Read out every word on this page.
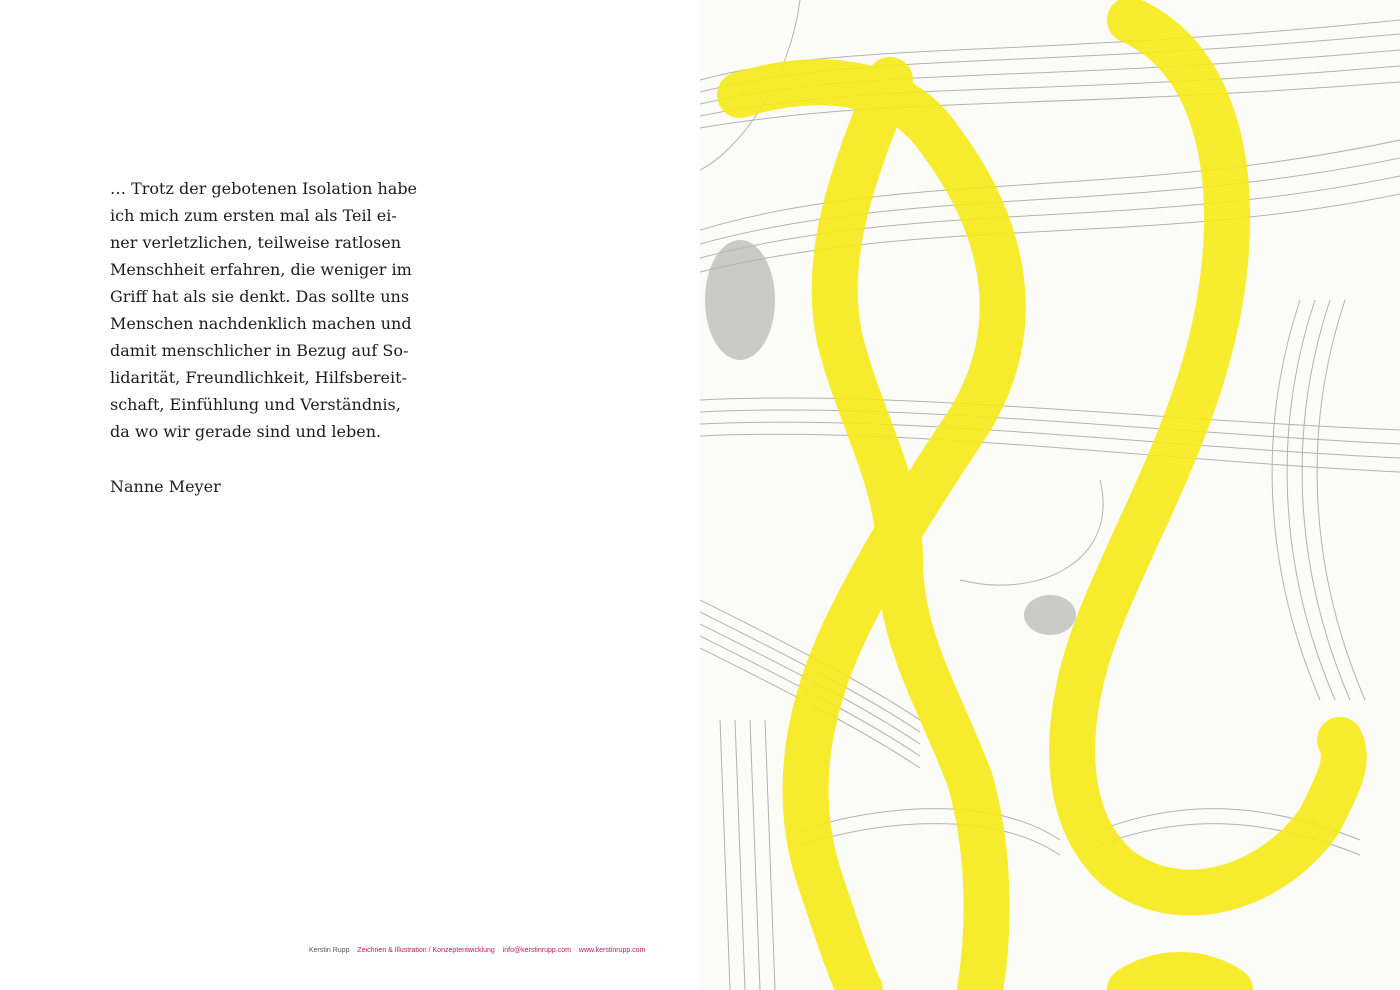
… Trotz der gebotenen Isolation habe
ich mich zum ersten mal als Teil ei-
ner verletzlichen, teilweise ratlosen
Menschheit erfahren, die weniger im
Griff hat als sie denkt. Das sollte uns
Menschen nachdenklich machen und
damit menschlicher in Bezug auf So-
lidarität, Freundlichkeit, Hilfsbereit-
schaft, Einfühlung und Verständnis,
da wo wir gerade sind und leben.
Nanne Meyer
Kerstin Rupp Zeichnen & Illustration / Konzeptentwicklung info@kerstinrupp.com www.kerstinrupp.com
